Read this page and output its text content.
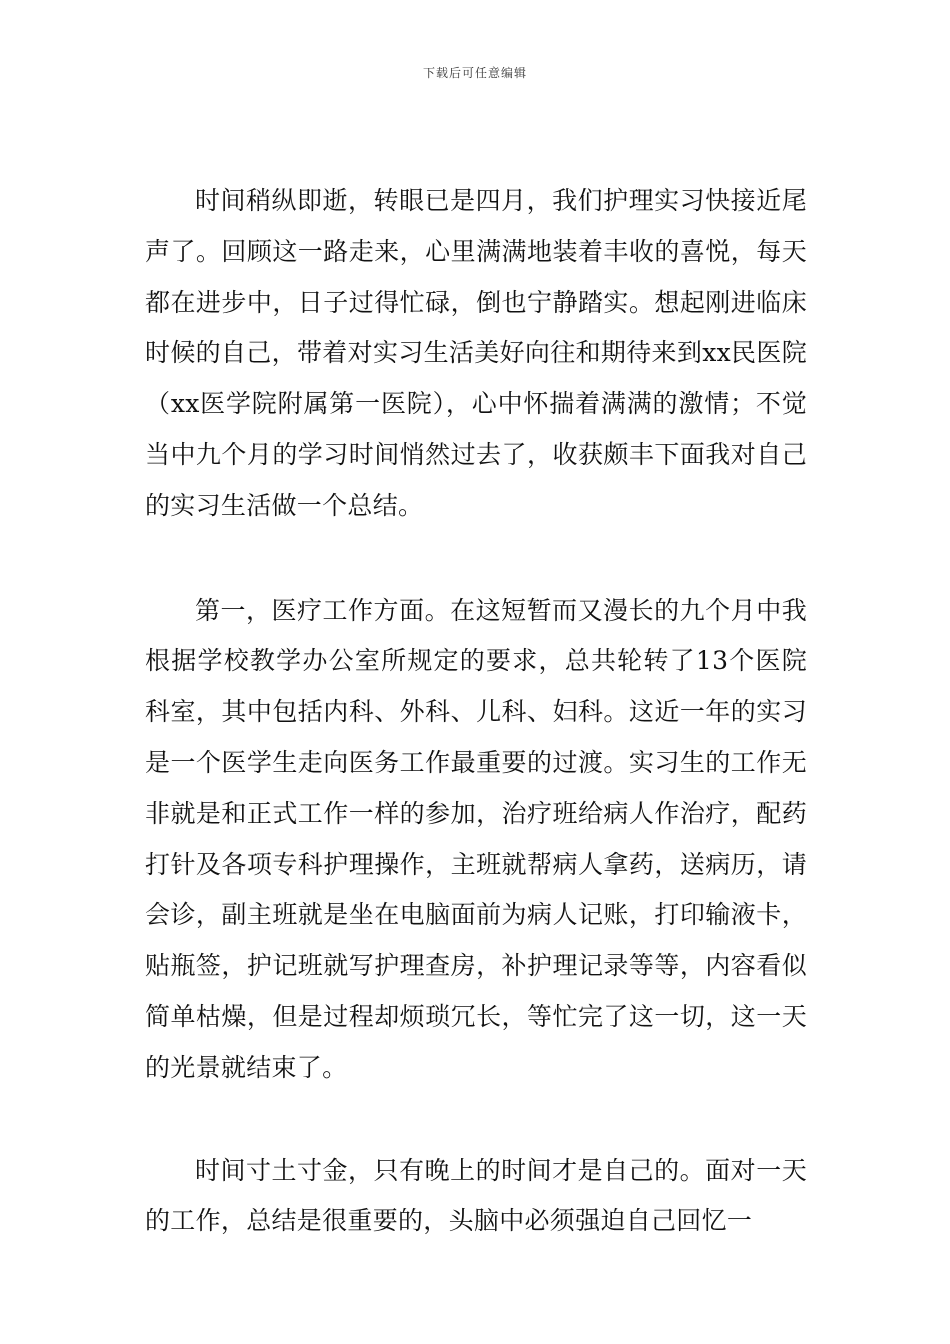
下载后可任意编辑

时间稍纵即逝，转眼已是四月，我们护理实习快接近尾声了。回顾这一路走来，心里满满地装着丰收的喜悦，每天都在进步中，日子过得忙碌，倒也宁静踏实。想起刚进临床时候的自己，带着对实习生活美好向往和期待来到xx民医院（xx医学院附属第一医院），心中怀揣着满满的激情；不觉当中九个月的学习时间悄然过去了，收获颇丰下面我对自己的实习生活做一个总结。

第一，医疗工作方面。在这短暂而又漫长的九个月中我根据学校教学办公室所规定的要求，总共轮转了13个医院科室，其中包括内科、外科、儿科、妇科。这近一年的实习是一个医学生走向医务工作最重要的过渡。实习生的工作无非就是和正式工作一样的参加，治疗班给病人作治疗，配药打针及各项专科护理操作，主班就帮病人拿药，送病历，请会诊，副主班就是坐在电脑面前为病人记账，打印输液卡，贴瓶签，护记班就写护理查房，补护理记录等等，内容看似简单枯燥，但是过程却烦琐冗长，等忙完了这一切，这一天的光景就结束了。

时间寸土寸金，只有晚上的时间才是自己的。面对一天的工作，总结是很重要的，头脑中必须强迫自己回忆一
